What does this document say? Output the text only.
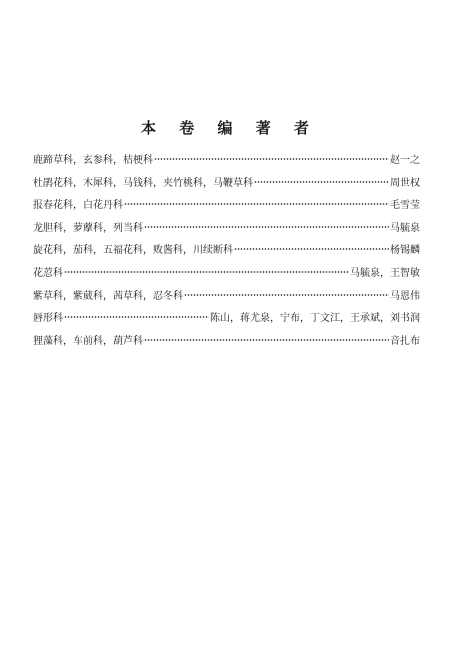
本 卷 编 著 者
鹿蹄草科，玄参科，桔梗科	赵一之
杜鹃花科，木犀科，马钱科，夹竹桃科，马鞭草科	周世权
报春花科，白花丹科	毛雪莹
龙胆科，萝藦科，列当科	马毓泉
旋花科，茄科，五福花科，败酱科，川续断科	杨锡麟
花荵科	马毓泉，王智敏
紫草科，紫葳科，茜草科，忍冬科	马恩伟
唇形科	陈山，蒋尤泉，宁布，丁文江，王承斌，刘书润
狸藻科，车前科，葫芦科	音扎布
